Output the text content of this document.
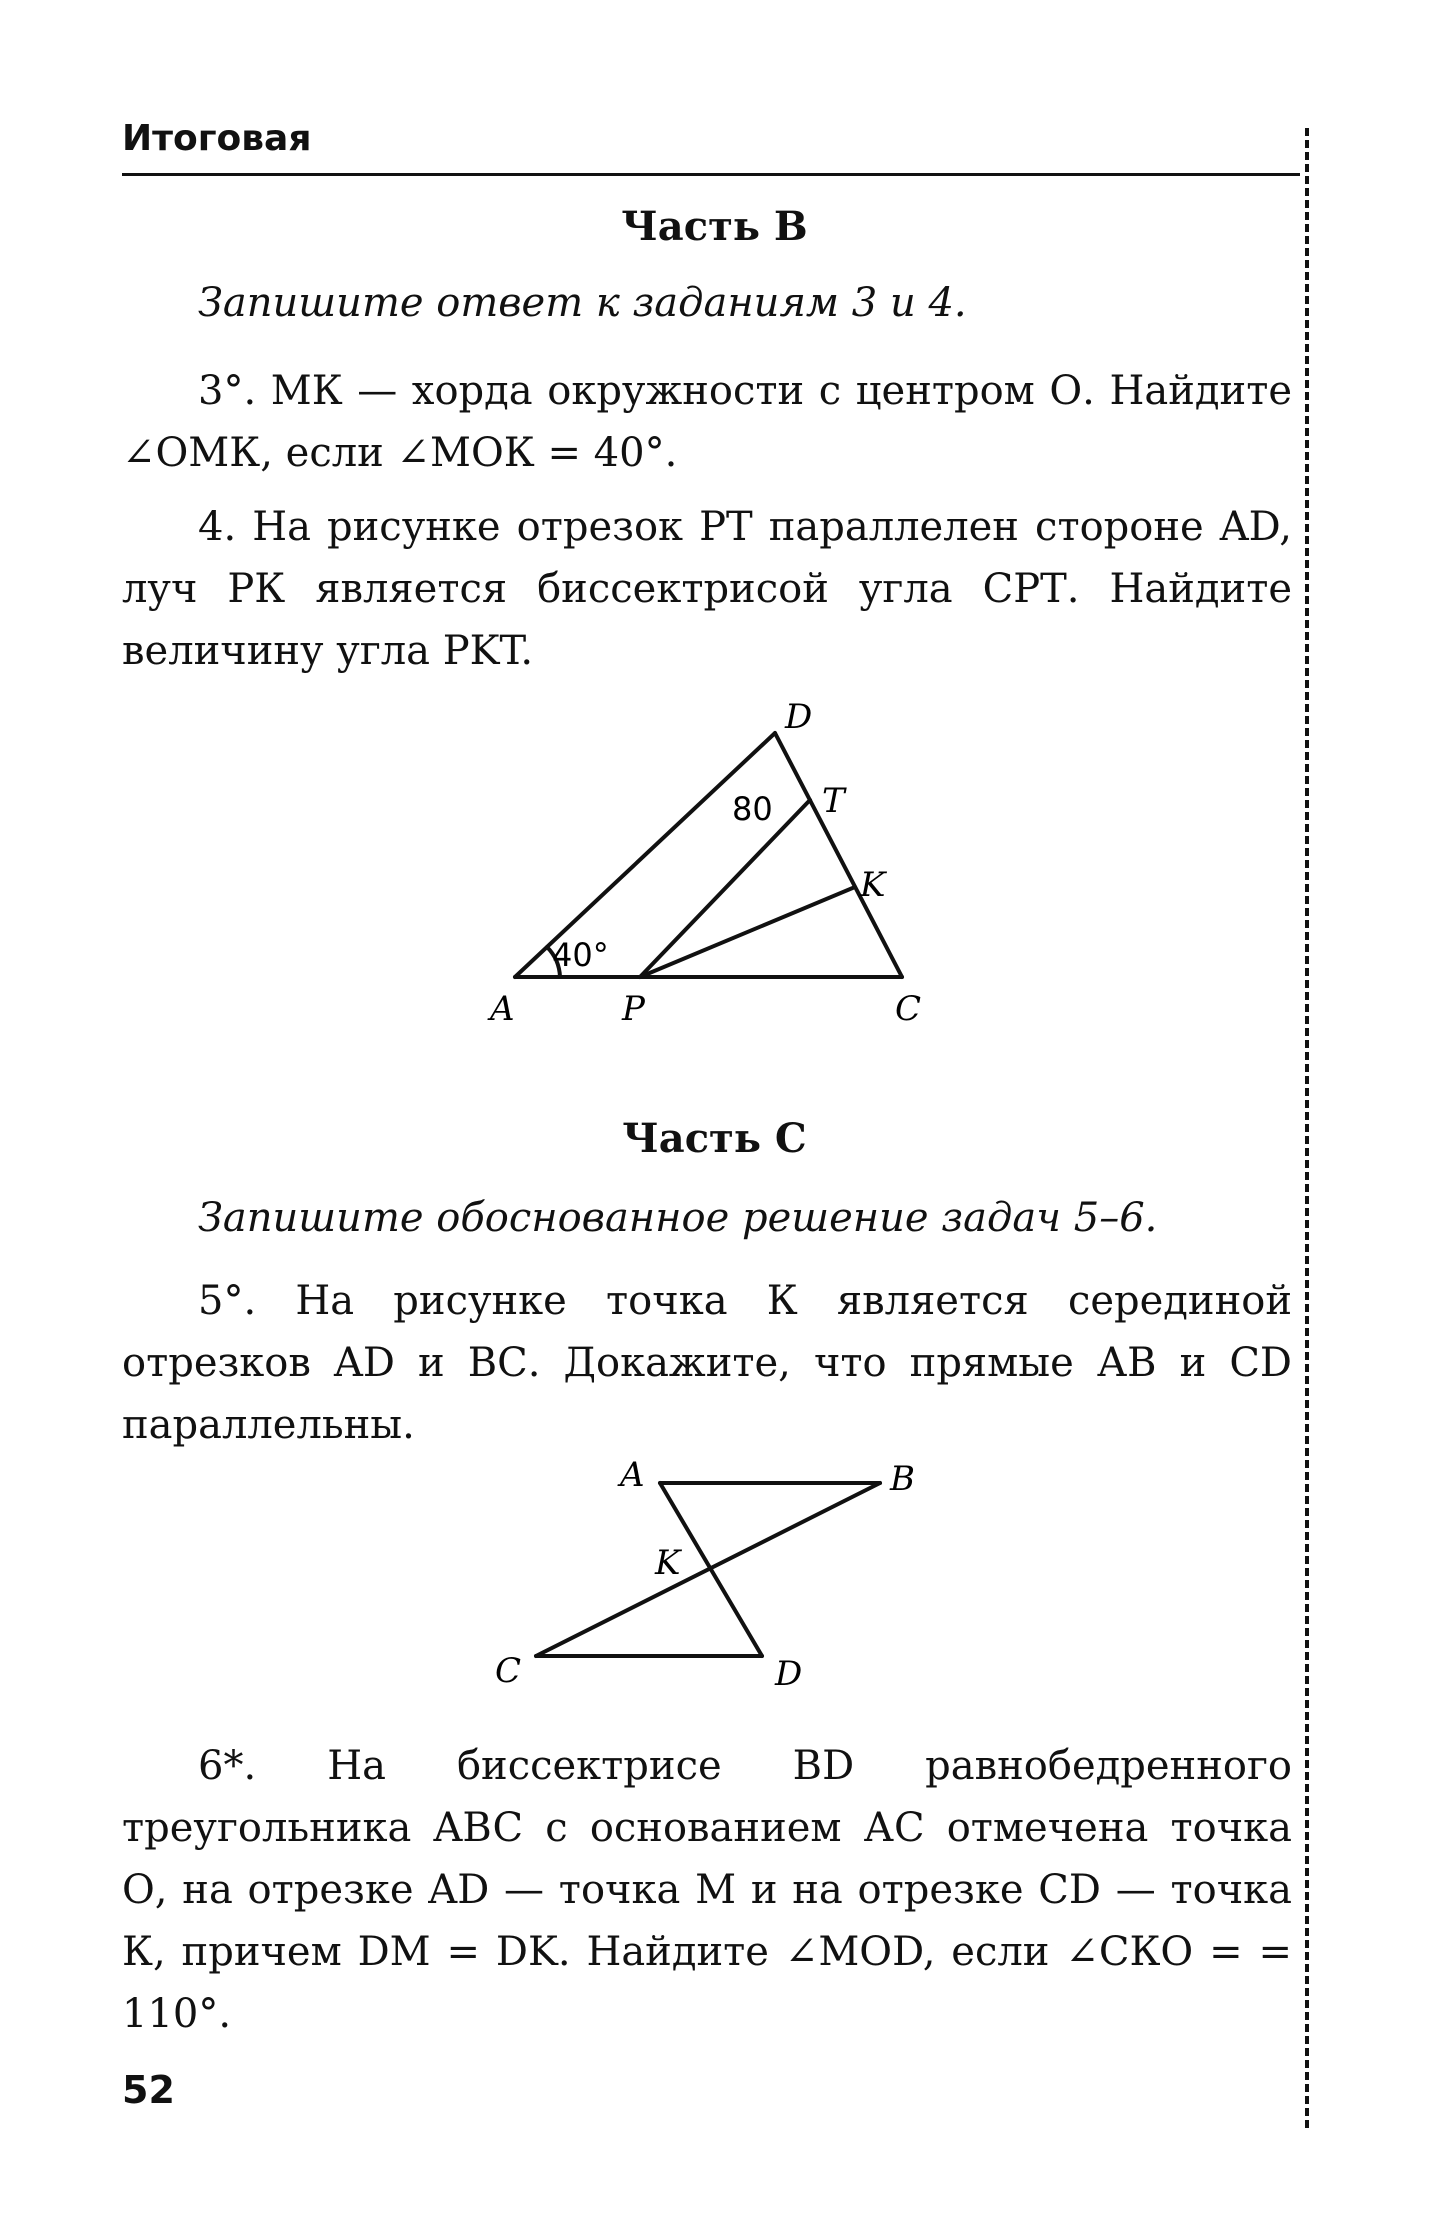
Итоговая
Часть В
Запишите ответ к заданиям 3 и 4.

3°. МК — хорда окружности с центром О. Найдите ∠ОМК, если ∠МОК = 40°.

4. На рисунке отрезок РТ параллелен стороне AD, луч РК является биссектрисой угла СРТ. Найдите величину угла PKT.

A	P	C
D
T
K
40°
80
Часть С
Запишите обоснованное решение задач 5–6.

5°. На рисунке точка К является серединой отрезков AD и ВС. Докажите, что прямые АВ и CD параллельны.

A	B
K
C	D

6*. На биссектрисе BD равнобедренного треугольника ABC с основанием АС отмечена точка О, на отрезке AD — точка М и на отрезке CD — точка К, причем DM = DK. Найдите ∠MOD, если ∠СКО = = 110°.

52
